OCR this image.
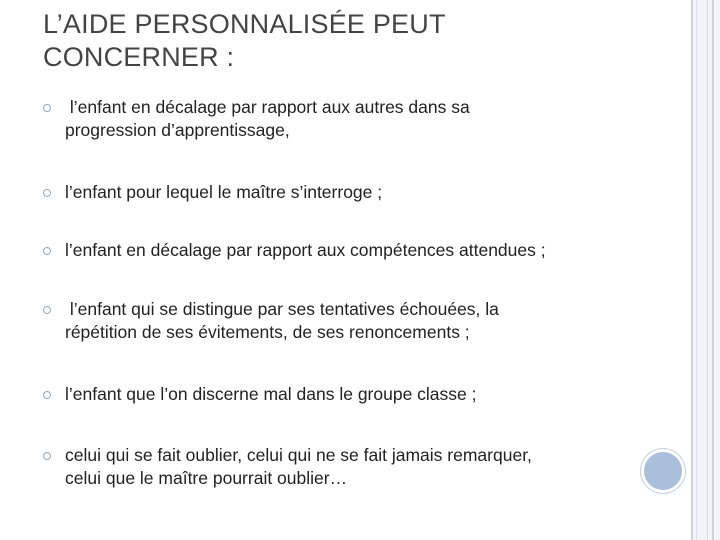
L’AIDE PERSONNALISÉE PEUT
CONCERNER :
l’enfant en décalage par rapport aux autres dans sa
progression d’apprentissage,
l’enfant pour lequel le maître s’interroge ;
l’enfant en décalage par rapport aux compétences attendues ;
l’enfant qui se distingue par ses tentatives échouées, la
répétition de ses évitements, de ses renoncements ;
l’enfant que l’on discerne mal dans le groupe classe ;
celui qui se fait oublier, celui qui ne se fait jamais remarquer,
celui que le maître pourrait oublier…
